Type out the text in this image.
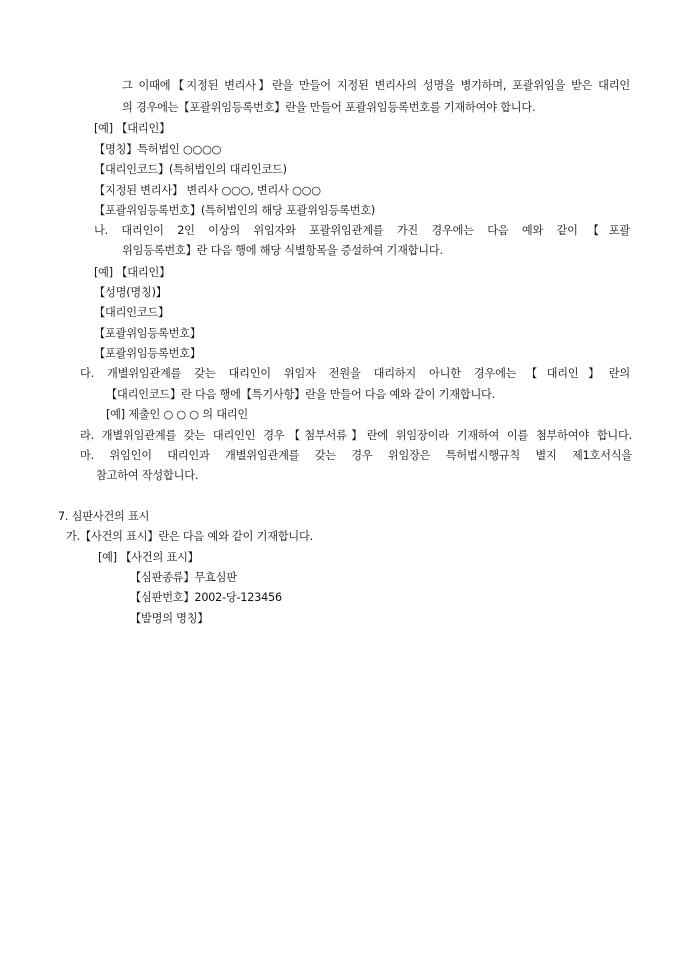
그 이때에【지정된 변리사】란을 만들어 지정된 변리사의 성명을 병기하며, 포괄위임을 받은 대리인
의 경우에는【포괄위임등록번호】란을 만들어 포괄위임등록번호를 기재하여야 합니다.
[예] 【대리인】
【명칭】특허법인 ○○○○
【대리인코드】(특허법인의 대리인코드)
【지정된 변리사】 변리사 ○○○, 변리사 ○○○
【포괄위임등록번호】(특허법인의 해당 포괄위임등록번호)
나. 대리인이 2인 이상의 위임자와 포괄위임관계를 가진 경우에는 다음 예와 같이【포괄
위임등록번호】란 다음 행에 해당 식별항목을 증설하여 기재합니다.
[예] 【대리인】
【성명(명칭)】
【대리인코드】
【포괄위임등록번호】
【포괄위임등록번호】
다. 개별위임관계를 갖는 대리인이 위임자 전원을 대리하지 아니한 경우에는【대리인】란의
【대리인코드】란 다음 행에【특기사항】란을 만들어 다음 예와 같이 기재합니다.
[예] 제출인 ○ ○ ○ 의 대리인
라. 개별위임관계를 갖는 대리인인 경우【첨부서류】란에 위임장이라 기재하여 이를 첨부하여야 합니다.
마. 위임인이 대리인과 개별위임관계를 갖는 경우 위임장은 특허법시행규칙 별지 제1호서식을
참고하여 작성합니다.
7. 심판사건의 표시
가.【사건의 표시】란은 다음 예와 같이 기재합니다.
[예] 【사건의 표시】
【심판종류】무효심판
【심판번호】2002-당-123456
【발명의 명칭】
